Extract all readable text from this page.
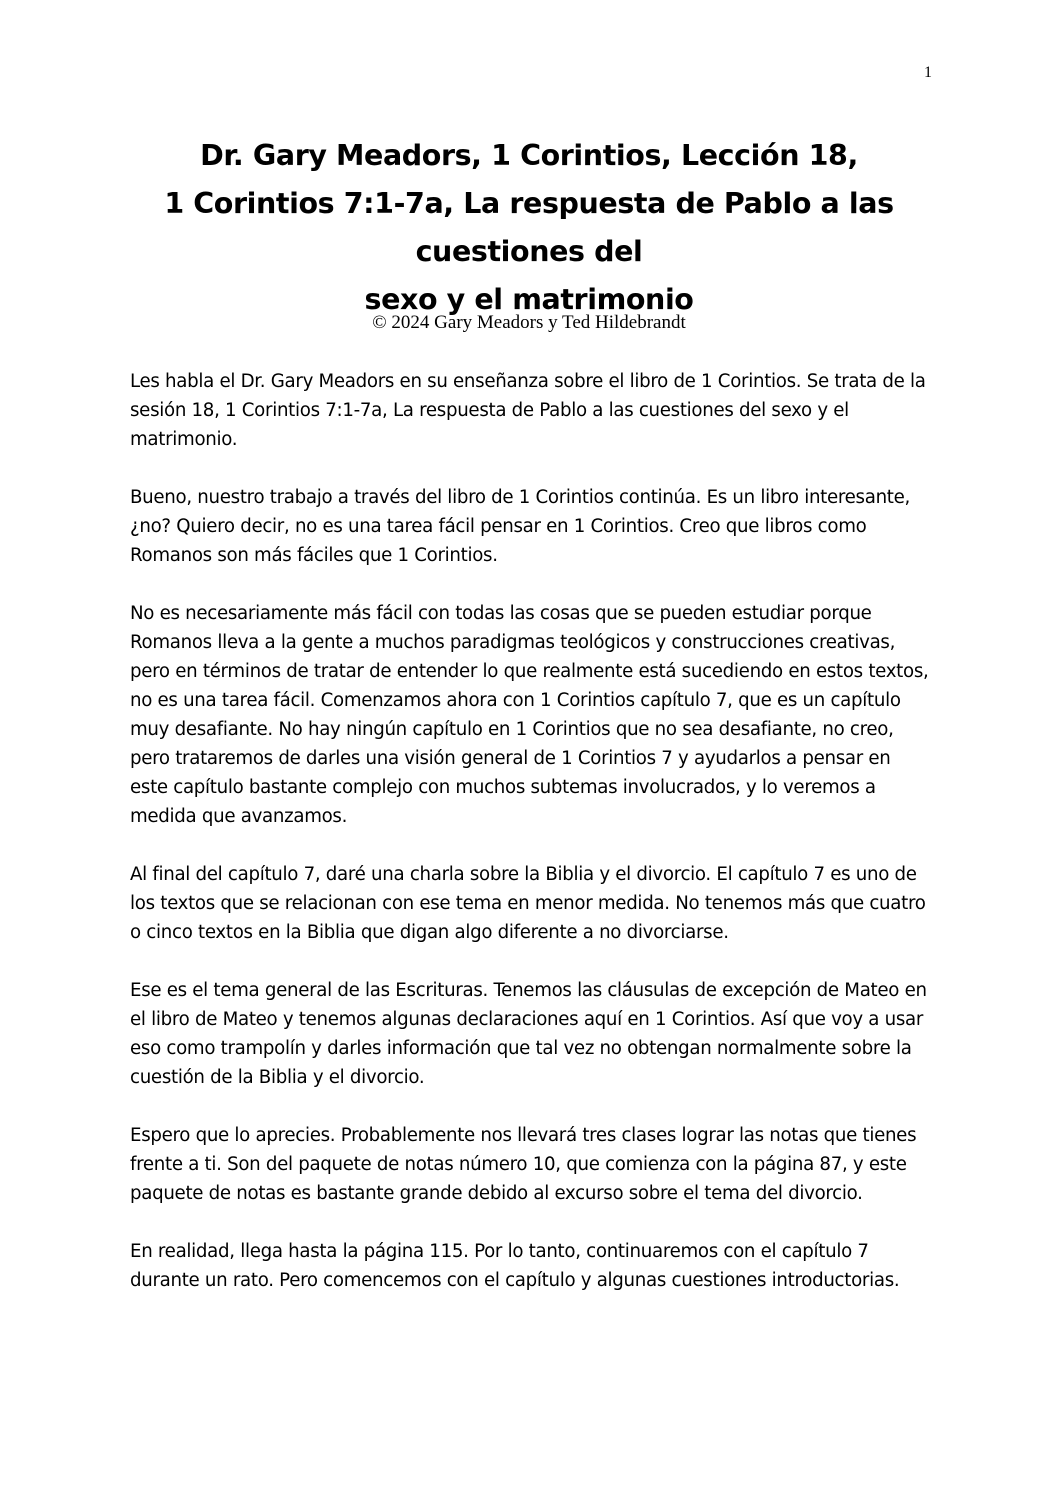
1
Dr. Gary Meadors, 1 Corintios, Lección 18,
1 Corintios 7:1-7a, La respuesta de Pablo a las
cuestiones del
sexo y el matrimonio
© 2024 Gary Meadors y Ted Hildebrandt

Les habla el Dr. Gary Meadors en su enseñanza sobre el libro de 1 Corintios. Se trata de la sesión 18, 1 Corintios 7:1-7a, La respuesta de Pablo a las cuestiones del sexo y el matrimonio.

Bueno, nuestro trabajo a través del libro de 1 Corintios continúa. Es un libro interesante, ¿no? Quiero decir, no es una tarea fácil pensar en 1 Corintios. Creo que libros como Romanos son más fáciles que 1 Corintios.

No es necesariamente más fácil con todas las cosas que se pueden estudiar porque Romanos lleva a la gente a muchos paradigmas teológicos y construcciones creativas, pero en términos de tratar de entender lo que realmente está sucediendo en estos textos, no es una tarea fácil. Comenzamos ahora con 1 Corintios capítulo 7, que es un capítulo muy desafiante. No hay ningún capítulo en 1 Corintios que no sea desafiante, no creo, pero trataremos de darles una visión general de 1 Corintios 7 y ayudarlos a pensar en este capítulo bastante complejo con muchos subtemas involucrados, y lo veremos a medida que avanzamos.

Al final del capítulo 7, daré una charla sobre la Biblia y el divorcio. El capítulo 7 es uno de los textos que se relacionan con ese tema en menor medida. No tenemos más que cuatro o cinco textos en la Biblia que digan algo diferente a no divorciarse.

Ese es el tema general de las Escrituras. Tenemos las cláusulas de excepción de Mateo en el libro de Mateo y tenemos algunas declaraciones aquí en 1 Corintios. Así que voy a usar eso como trampolín y darles información que tal vez no obtengan normalmente sobre la cuestión de la Biblia y el divorcio.

Espero que lo aprecies. Probablemente nos llevará tres clases lograr las notas que tienes frente a ti. Son del paquete de notas número 10, que comienza con la página 87, y este paquete de notas es bastante grande debido al excurso sobre el tema del divorcio.

En realidad, llega hasta la página 115. Por lo tanto, continuaremos con el capítulo 7 durante un rato. Pero comencemos con el capítulo y algunas cuestiones introductorias.
